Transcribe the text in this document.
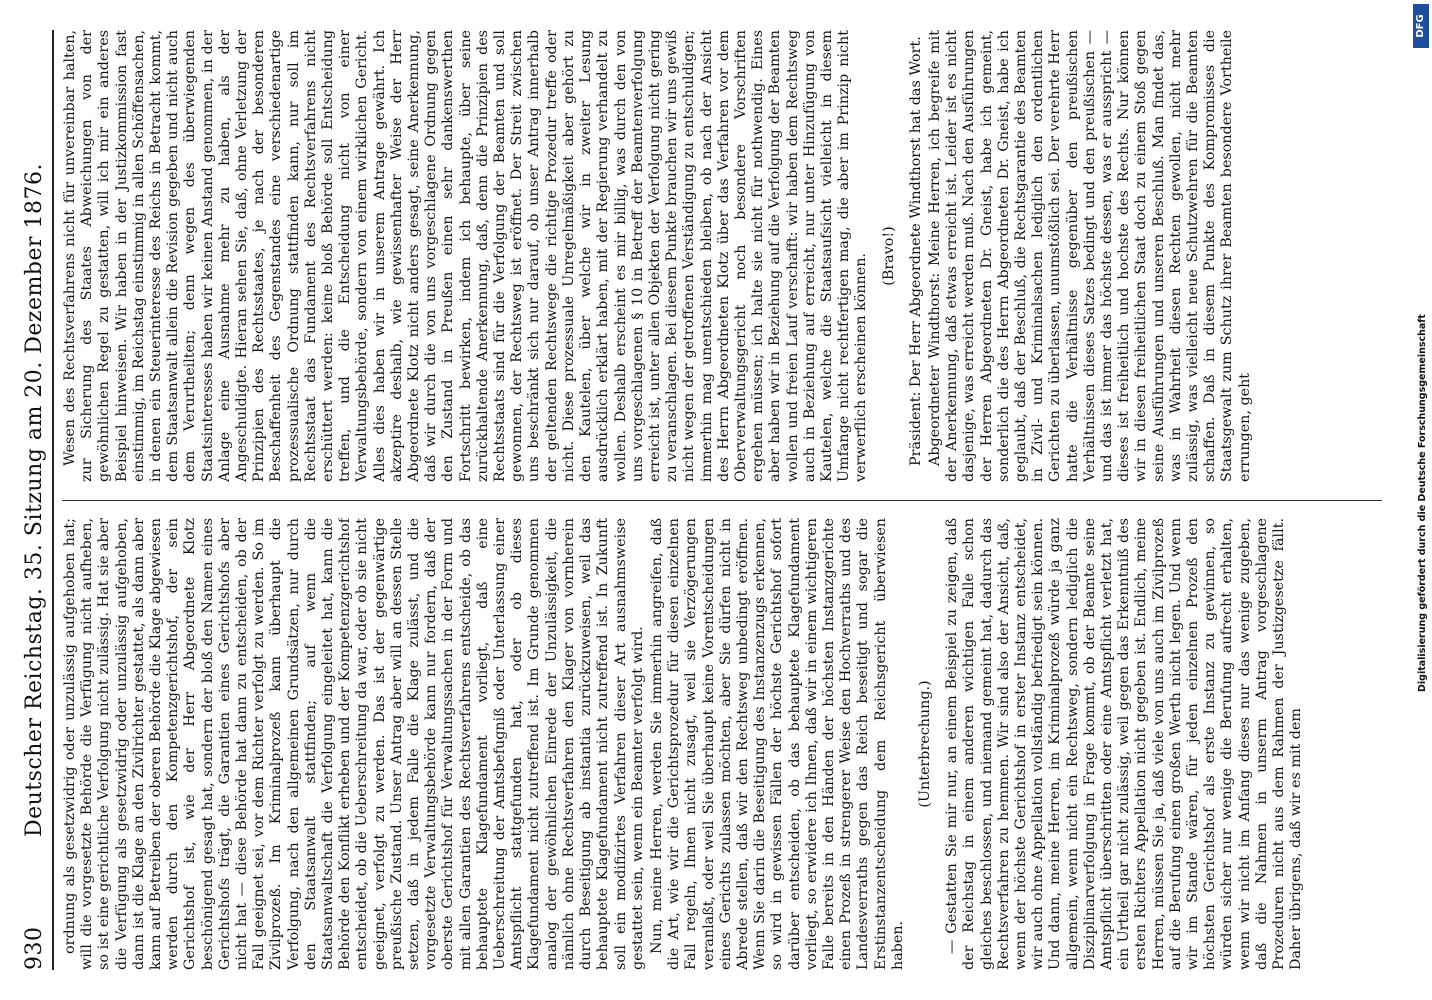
930
Deutscher Reichstag. 35. Sitzung am 20. Dezember 1876. ordnung als gesetzwidrig oder unzulässig aufgehoben hat; will die vorgesetzte Behörde die Verfügung nicht aufheben, so ist eine gerichtliche Verfolgung nicht zulässig. Hat sie aber die Verfügung als gesetzwidrig oder unzulässig aufgehoben, dann ist die Klage an den Zivilrichter gestattet, als dann aber kann auf Betreiben der oberen Behörde die Klage abgewiesen werden durch den Kompetenzgerichtshof, der sein Gerichtshof ist, wie der Herr Abgeordnete Klotz beschönigend gesagt hat, sondern der bloß den Namen eines Gerichtshofs trägt, die Garantien eines Gerichtshofs aber nicht hat — diese Behörde hat dann zu entscheiden, ob der Fall geeignet sei, vor dem Richter verfolgt zu werden. So im Zivilprozeß. Im Kriminalprozeß kann überhaupt die Verfolgung, nach den allgemeinen Grundsätzen, nur durch den Staatsanwalt stattfinden; auf wenn die Staatsanwaltschaft die Verfolgung eingeleitet hat, kann die Behörde den Konflikt erheben und der Kompetenzgerichtshof entscheidet, ob die Ueberschreitung da war, oder ob sie nicht geeignet, verfolgt zu werden. Das ist der gegenwärtige preußische Zustand. Unser Antrag aber will an dessen Stelle setzen, daß in jedem Falle die Klage zulässt, und die vorgesetzte Verwaltungsbehörde kann nur fordern, daß der oberste Gerichtshof für Verwaltungssachen in der Form und mit allen Garantien des Rechtsverfahrens entscheide, ob das behauptete Klagefundament vorliegt, daß eine Ueberschreitung der Amtsbefugniß oder Unterlassung einer Amtspflicht stattgefunden hat, oder ob dieses Klagefundament nicht zutreffend ist. Im Grunde genommen analog der gewöhnlichen Einrede der Unzulässigkeit, die nämlich ohne Rechtsverfahren den Klager von vornherein durch Beseitigung ab instantia zurückzuweisen, weil das behauptete Klagefundament nicht zutreffend ist. In Zukunft soll ein modifizirtes Verfahren dieser Art ausnahmsweise gestattet sein, wenn ein Beamter verfolgt wird. Nun, meine Herren, werden Sie immerhin angreifen, daß die Art, wie wir die Gerichtsprozedur für diesen einzelnen Fall regeln, Ihnen nicht zusagt, weil sie Verzögerungen veranlaßt, oder weil Sie überhaupt keine Vorentscheidungen eines Gerichts zulassen möchten, aber Sie dürfen nicht in Abrede stellen, daß wir den Rechtsweg unbedingt eröffnen. Wenn Sie darin die Beseitigung des Instanzenzugs erkennen, so wird in gewissen Fällen der höchste Gerichtshof sofort darüber entscheiden, ob das behauptete Klagefundament vorliegt, so erwidere ich Ihnen, daß wir in einem wichtigeren Falle bereits in den Händen der höchsten Instanzgerichte einen Prozeß in strengerer Weise den Hochverraths und des Landesverraths gegen das Reich beseitigt und sogar die Erstinstanzentscheidung dem Reichsgericht überwiesen haben.

(Unterbrechung.) — Gestatten Sie mir nur, an einem Beispiel zu zeigen, daß der Reichstag in einem anderen wichtigen Falle schon gleiches beschlossen, und niemand gemeint hat, dadurch das Rechtsverfahren zu hemmen. Wir sind also der Ansicht, daß, wenn der höchste Gerichtshof in erster Instanz entscheidet, wir auch ohne Appellation vollständig befriedigt sein können. Und dann, meine Herren, im Kriminalprozeß würde ja ganz allgemein, wenn nicht ein Rechtsweg, sondern lediglich die Disziplinarverfolgung in Frage kommt, ob der Beamte seine Amtspflicht überschritten oder eine Amtspflicht verletzt hat, ein Urtheil gar nicht zulässig, weil gegen das Erkenntniß des ersten Richters Appellation nicht gegeben ist. Endlich, meine Herren, müssen Sie ja, daß viele von uns auch im Zivilprozeß auf die Berufung einen großen Werth nicht legen. Und wenn wir im Stande wären, für jeden einzelnen Prozeß den höchsten Gerichtshof als erste Instanz zu gewinnen, so würden sicher nur wenige die Berufung aufrecht erhalten, wenn wir nicht im Anfang dieses nur das wenige zugeben, daß die Nahmen in unserm Antrag vorgeschlagene Prozeduren nicht aus dem Rahmen der Justizgesetze fällt. Daher übrigens, daß wir es mit dem

Wesen des Rechtsverfahrens nicht für unvereinbar halten, zur Sicherung des Staates Abweichungen von der gewöhnlichen Regel zu gestatten, will ich mir ein anderes Beispiel hinweisen. Wir haben in der Justizkommission fast einstimmig, im Reichstag einstimmig in allen Schöffensachen, in denen ein Steuerinteresse des Reichs in Betracht kommt, dem Staatsanwalt allein die Revision gegeben und nicht auch dem Verurtheilten; denn wegen des überwiegenden Staatsinteresses haben wir keinen Anstand genommen, in der Anlage eine Ausnahme mehr zu haben, als der Angeschuldigte. Hieran sehen Sie, daß, ohne Verletzung der Prinzipien des Rechtsstaates, je nach der besonderen Beschaffenheit des Gegenstandes eine verschiedenartige prozessualische Ordnung stattfinden kann, nur soll im Rechtsstaat das Fundament des Rechtsverfahrens nicht erschüttert werden: keine bloß Behörde soll Entscheidung treffen, und die Entscheidung nicht von einer Verwaltungsbehörde, sondern von einem wirklichen Gericht. Alles dies haben wir in unserem Antrage gewährt. Ich akzeptire deshalb, wie gewissenhafter Weise der Herr Abgeordnete Klotz nicht anders gesagt, seine Anerkennung, daß wir durch die von uns vorgeschlagene Ordnung gegen den Zustand in Preußen einen sehr dankenswerthen Fortschritt bewirken, indem ich behaupte, über seine zurückhaltende Anerkennung, daß, denn die Prinzipien des Rechtsstaats sind für die Verfolgung der Beamten und soll gewonnen, der Rechtsweg ist eröffnet. Der Streit zwischen uns beschränkt sich nur darauf, ob unser Antrag innerhalb der geltenden Rechtswege die richtige Prozedur treffe oder nicht. Diese prozessuale Unregelmäßigkeit aber gehört zu den Kautelen, über welche wir in zweiter Lesung ausdrücklich erklärt haben, mit der Regierung verhandelt zu wollen. Deshalb erscheint es mir billig, was durch den von uns vorgeschlagenen § 10 in Betreff der Beamtenverfolgung erreicht ist, unter allen Objekten der Verfolgung nicht gering zu veranschlagen. Bei diesem Punkte brauchen wir uns gewiß nicht wegen der getroffenen Verständigung zu entschuldigen; immerhin mag unentschieden bleiben, ob nach der Ansicht des Herrn Abgeordneten Klotz über das Verfahren vor dem Oberverwaltungsgericht noch besondere Vorschriften ergehen müssen; ich halte sie nicht für nothwendig. Eines aber haben wir in Beziehung auf die Verfolgung der Beamten wollen und freien Lauf verschafft: wir haben dem Rechtsweg auch in Beziehung auf erreicht, nur unter Hinzufügung von Kautelen, welche die Staatsaufsicht vielleicht in diesem Umfange nicht rechtfertigen mag, die aber im Prinzip nicht verwerflich erscheinen können. (Bravo!) Präsident: Der Herr Abgeordnete Windthorst hat das Wort. Abgeordneter Windthorst: Meine Herren, ich begreife mit der Anerkennung, daß etwas erreicht ist. Leider ist es nicht dasjenige, was erreicht werden muß. Nach den Ausführungen der Herren Abgeordneten Dr. Gneist, habe ich gemeint, sonderlich die des Herrn Abgeordneten Dr. Gneist, habe ich geglaubt, daß der Beschluß, die Rechtsgarantie des Beamten in Zivil- und Kriminalsachen lediglich den ordentlichen Gerichten zu überlassen, unumstößlich sei. Der verehrte Herr hatte die Verhältnisse gegenüber den preußischen Verhältnissen dieses Satzes bedingt und den preußischen — und das ist immer das höchste dessen, was er ausspricht — dieses ist freiheitlich und hochste des Rechts. Nur können wir in diesen freiheitlichen Staat doch zu einem Stoß gegen seine Ausführungen und unseren Beschluß. Man findet das, was in Wahrheit diesen Rechten gewollen, nicht mehr zulässig, was vielleicht neue Schutzwehren für die Beamten schaffen. Daß in diesem Punkte des Kompromisses die Staatsgewalt zum Schutz ihrer Beamten besondere Vortheile errungen, geht

DFG
Digitalisierung gefördert durch die Deutsche Forschungsgemeinschaft
